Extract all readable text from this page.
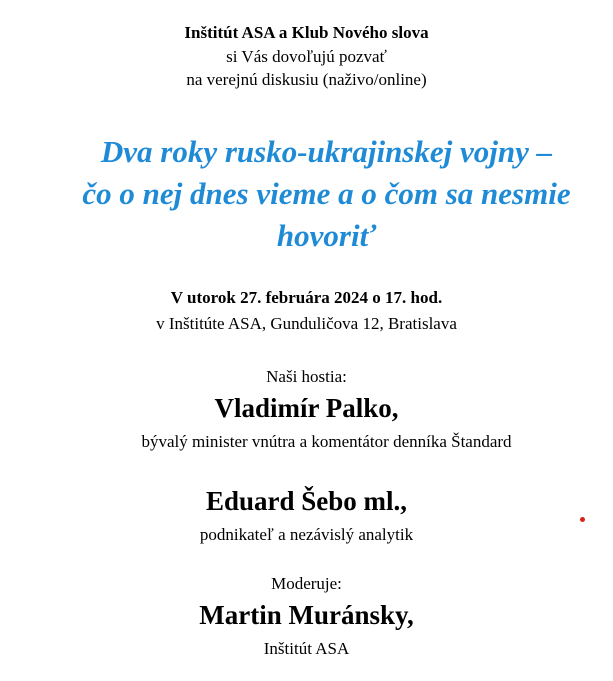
Inštitút ASA a Klub Nového slova
si Vás dovoľujú pozvať
na verejnú diskusiu (naživo/online)
Dva roky rusko-ukrajinskej vojny –
čo o nej dnes vieme a o čom sa nesmie
hovoriť
V utorok 27. februára 2024 o 17. hod.
v Inštitúte ASA, Gunduličova 12, Bratislava
Naši hostia:
Vladimír Palko,
bývalý minister vnútra a komentátor denníka Štandard
Eduard Šebo ml.,
podnikateľ a nezávislý analytik
Moderuje:
Martin Muránsky,
Inštitút ASA
